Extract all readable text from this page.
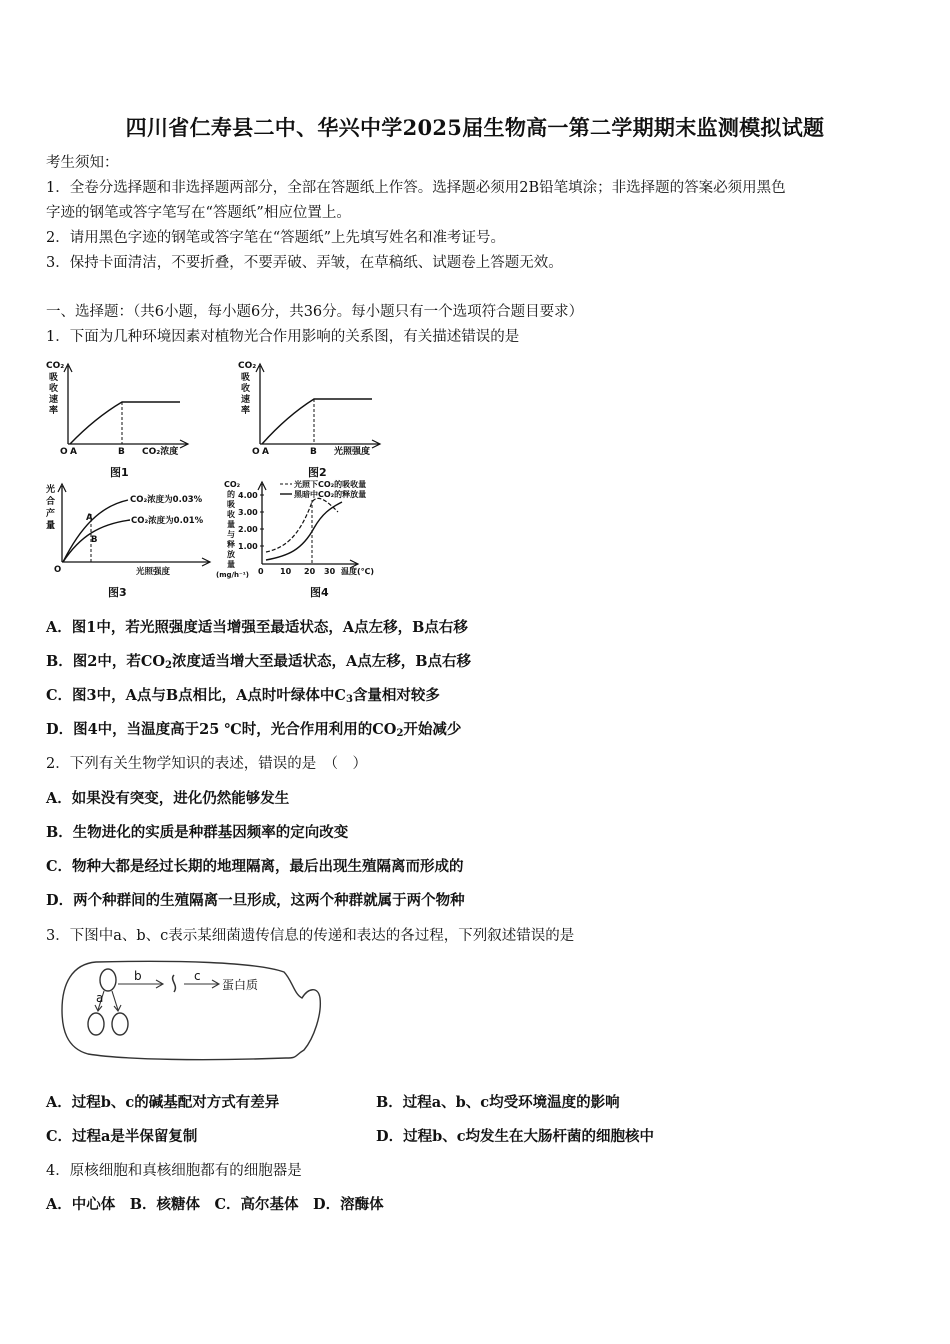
四川省仁寿县二中、华兴中学2025届生物高一第二学期期末监测模拟试题
考生须知：
1．全卷分选择题和非选择题两部分，全部在答题纸上作答。选择题必须用2B铅笔填涂；非选择题的答案必须用黑色
字迹的钢笔或答字笔写在“答题纸”相应位置上。
2．请用黑色字迹的钢笔或答字笔在“答题纸”上先填写姓名和准考证号。
3．保持卡面清洁，不要折叠，不要弄破、弄皱，在草稿纸、试题卷上答题无效。
一、选择题：（共6小题，每小题6分，共36分。每小题只有一个选项符合题目要求）
1．下面为几种环境因素对植物光合作用影响的关系图，有关描述错误的是
CO₂
吸
收
速
率
O A	B CO₂浓度
图1
CO₂
吸
收
速
率
O A	B 光照强度
图2
光
合
产
量
CO₂浓度为0.03%
CO₂浓度为0.01%
A
B
O	光照强度
图3
CO₂
的
吸
收
量
与
释
放
量
(mg/h⁻¹)
4.00
3.00
2.00
1.00
10 20 30 温度(℃)
0
光照下CO₂的吸收量
黑暗中CO₂的释放量
图4
A．图1中，若光照强度适当增强至最适状态，A点左移，B点右移
B．图2中，若$CO_2$浓度适当增大至最适状态，A点左移，B点右移
C．图3中，A点与B点相比，A点时叶绿体中$C_3$含量相对较多
D．图4中，当温度高于25 ℃时，光合作用利用的$CO_2$开始减少
2．下列有关生物学知识的表述，错误的是　（　）
A．如果没有突变，进化仍然能够发生
B．生物进化的实质是种群基因频率的定向改变
C．物种大都是经过长期的地理隔离，最后出现生殖隔离而形成的
D．两个种群间的生殖隔离一旦形成，这两个种群就属于两个物种
3．下图中a、b、c表示某细菌遗传信息的传递和表达的各过程，下列叙述错误的是
a
b	c
蛋白质
A．过程b、c的碱基配对方式有差异	B．过程a、b、c均受环境温度的影响
C．过程a是半保留复制	D．过程b、c均发生在大肠杆菌的细胞核中
4．原核细胞和真核细胞都有的细胞器是
A．中心体　B．核糖体　C．高尔基体　D．溶酶体
